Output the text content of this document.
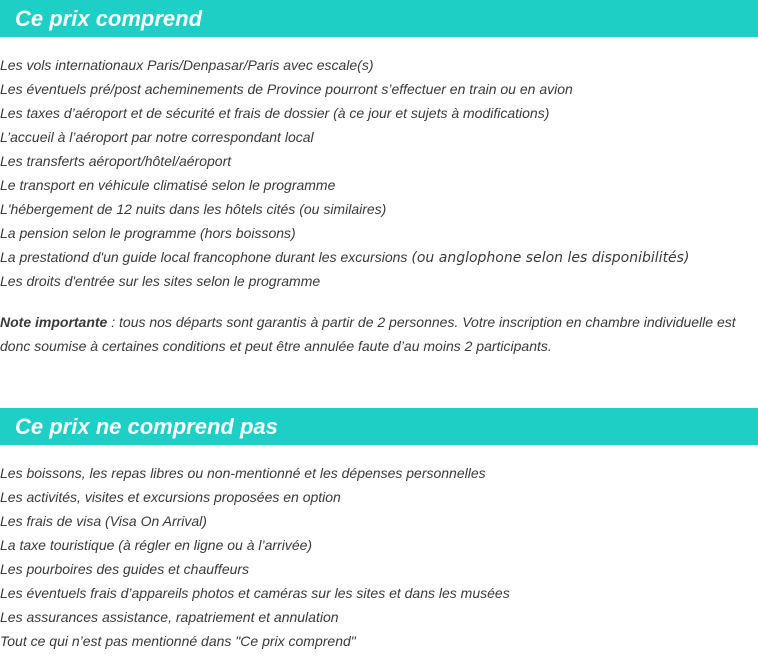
Ce prix comprend
Les vols internationaux Paris/Denpasar/Paris avec escale(s)
Les éventuels pré/post acheminements de Province pourront s’effectuer en train ou en avion
Les taxes d’aéroport et de sécurité et frais de dossier (à ce jour et sujets à modifications)
L’accueil à l’aéroport par notre correspondant local
Les transferts aéroport/hôtel/aéroport
Le transport en véhicule climatisé selon le programme
L'hébergement de 12 nuits dans les hôtels cités (ou similaires)
La pension selon le programme (hors boissons)
La prestationd d'un guide local francophone durant les excursions (ou anglophone selon les disponibilités)
Les droits d'entrée sur les sites selon le programme
Note importante : tous nos départs sont garantis à partir de 2 personnes. Votre inscription en chambre individuelle est donc soumise à certaines conditions et peut être annulée faute d’au moins 2 participants.
Ce prix ne comprend pas
Les boissons, les repas libres ou non-mentionné et les dépenses personnelles
Les activités, visites et excursions proposées en option
Les frais de visa (Visa On Arrival)
La taxe touristique (à régler en ligne ou à l’arrivée)
Les pourboires des guides et chauffeurs
Les éventuels frais d’appareils photos et caméras sur les sites et dans les musées
Les assurances assistance, rapatriement et annulation
Tout ce qui n’est pas mentionné dans "Ce prix comprend"
